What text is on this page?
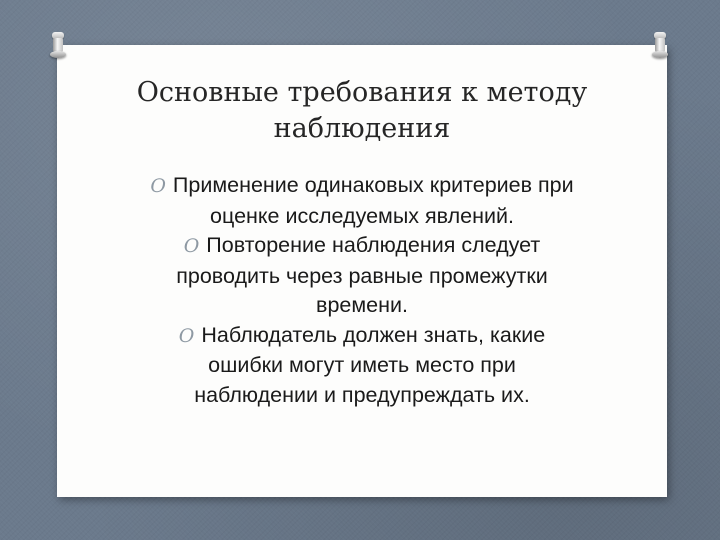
Основные требования к методу
наблюдения
O Применение одинаковых критериев при
оценке исследуемых явлений.
O Повторение наблюдения следует
проводить через равные промежутки
времени.
O Наблюдатель должен знать, какие
ошибки могут иметь место при
наблюдении и предупреждать их.
